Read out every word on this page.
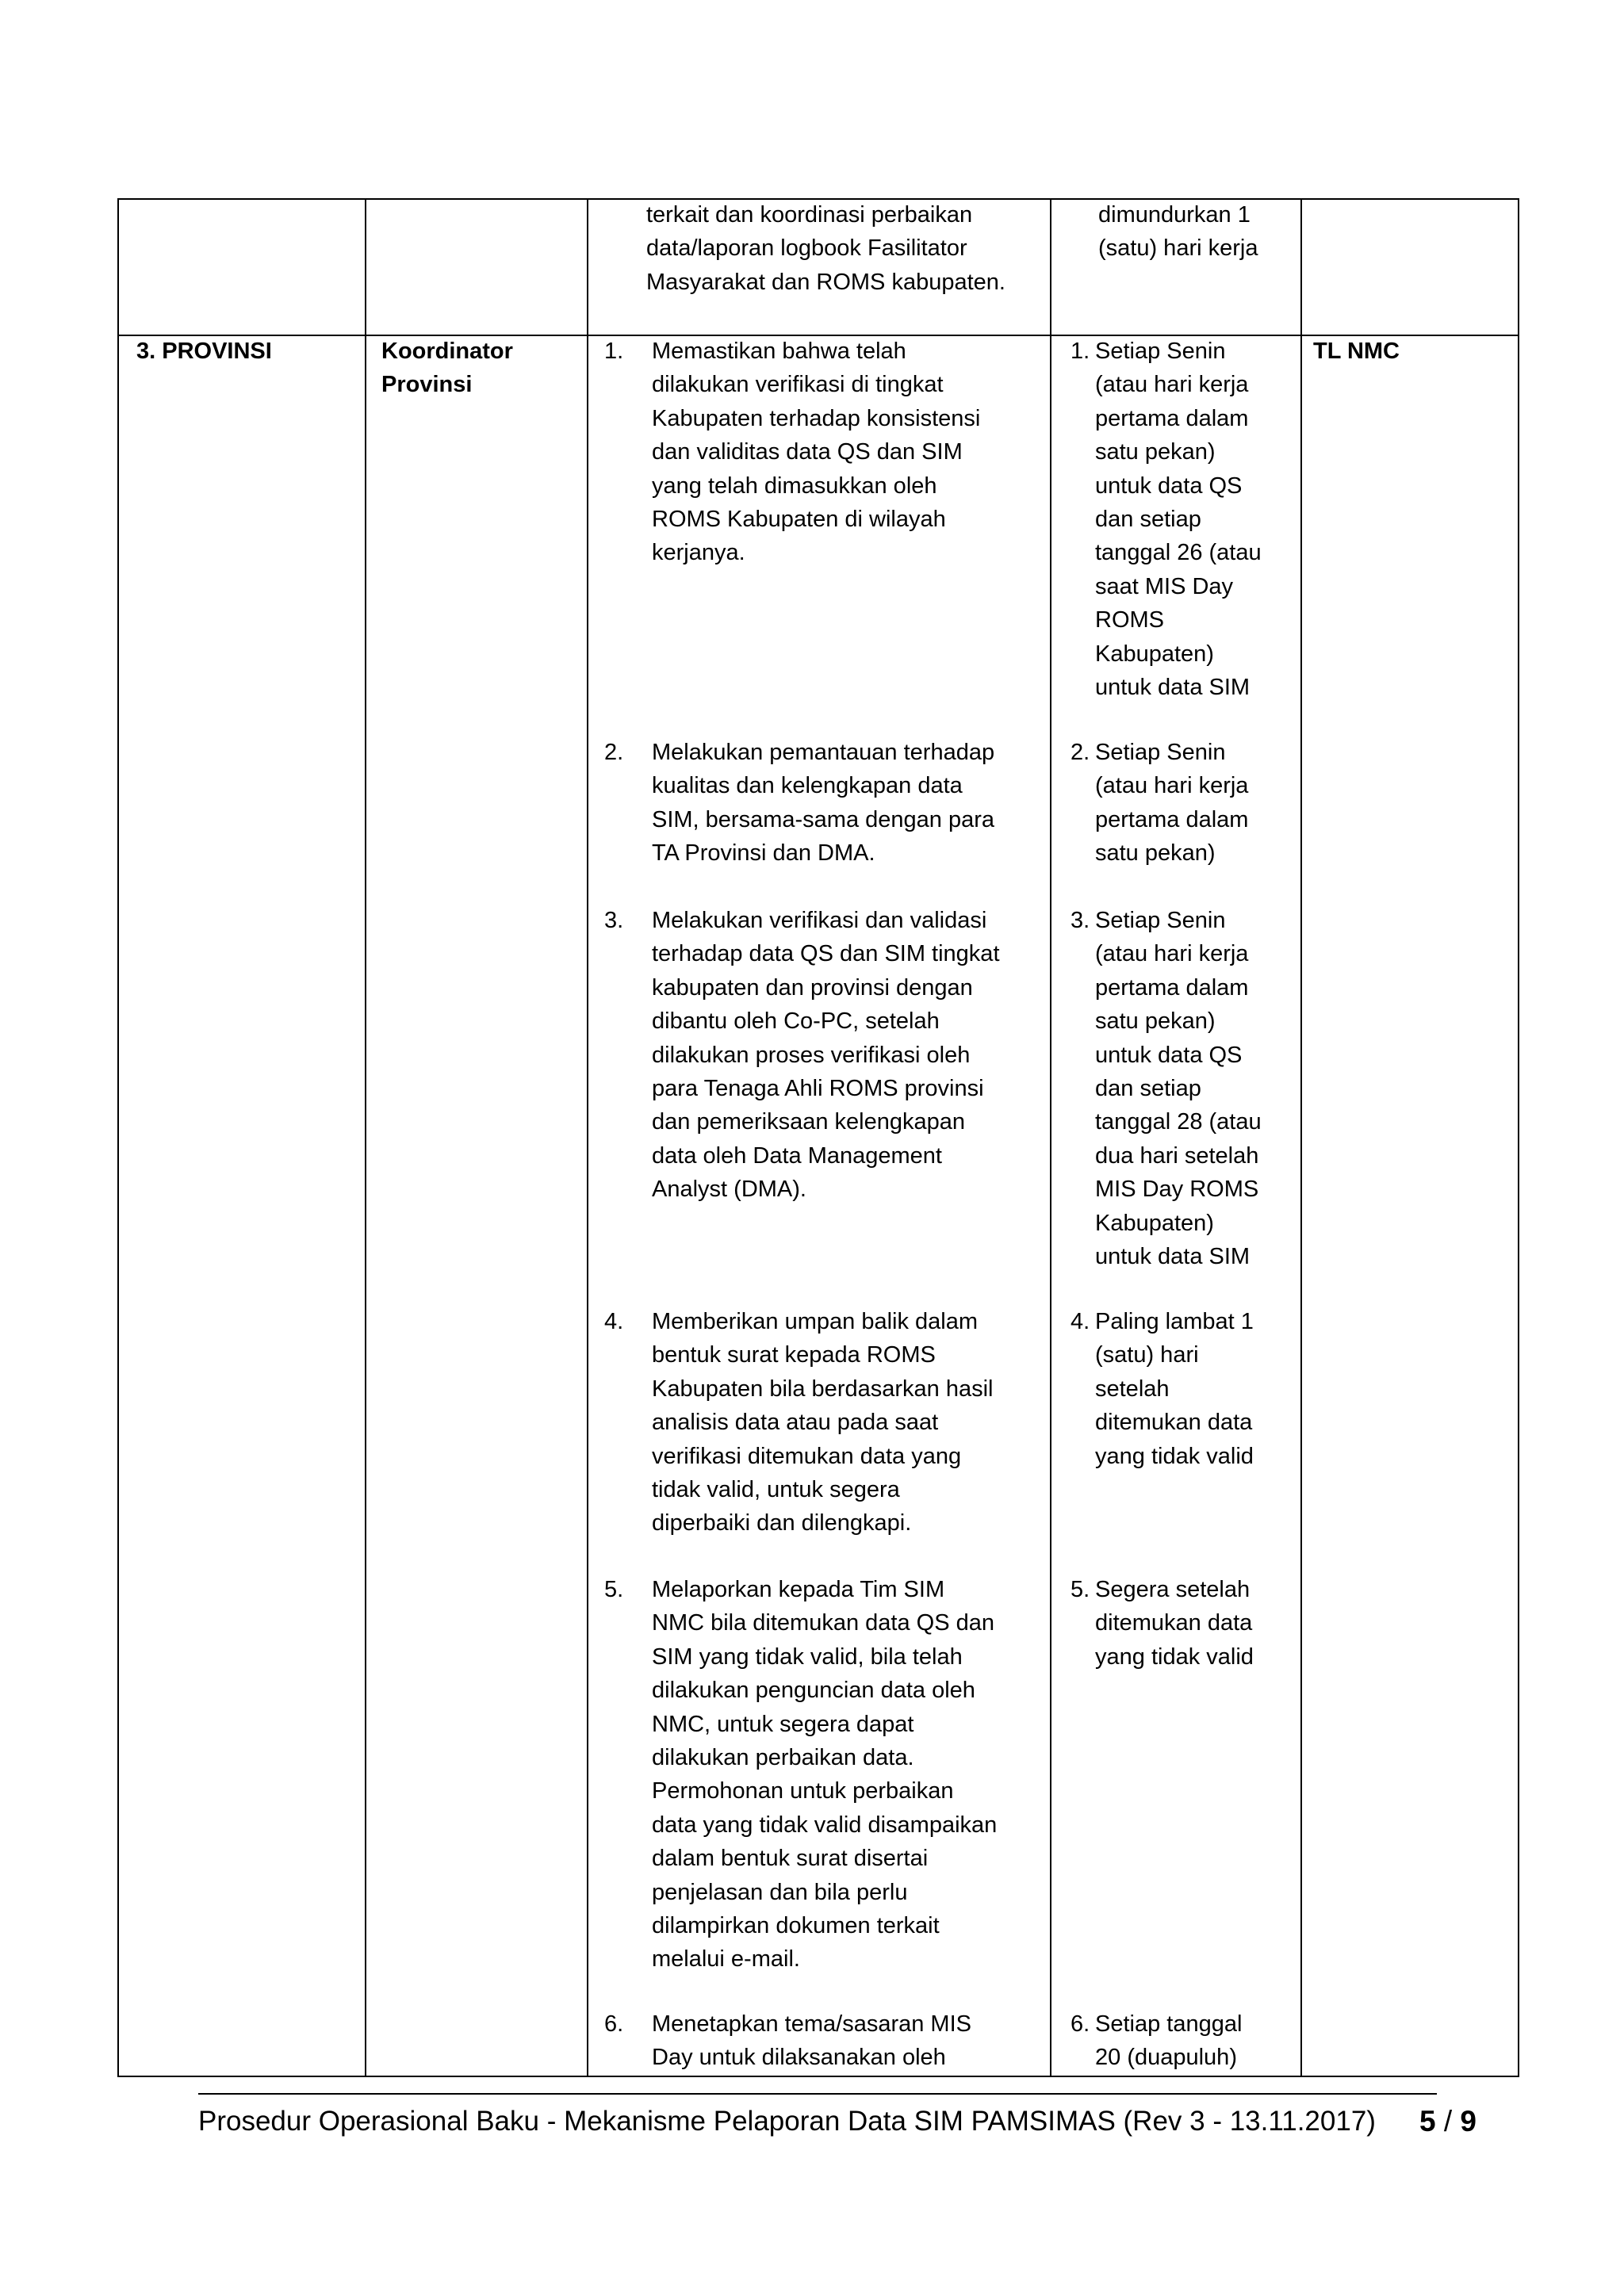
terkait dan koordinasi perbaikan
data/laporan logbook Fasilitator
Masyarakat dan ROMS kabupaten.
dimundurkan 1
(satu) hari kerja
3. PROVINSI	Koordinator
Provinsi
TL NMC
1. Memastikan bahwa telah
dilakukan verifikasi di tingkat
Kabupaten terhadap konsistensi
dan validitas data QS dan SIM
yang telah dimasukkan oleh
ROMS Kabupaten di wilayah
kerjanya.
1. Setiap Senin
(atau hari kerja
pertama dalam
satu pekan)
untuk data QS
dan setiap
tanggal 26 (atau
saat MIS Day
ROMS
Kabupaten)
untuk data SIM
2. Melakukan pemantauan terhadap
kualitas dan kelengkapan data
SIM, bersama-sama dengan para
TA Provinsi dan DMA.
2. Setiap Senin
(atau hari kerja
pertama dalam
satu pekan)
3. Melakukan verifikasi dan validasi
terhadap data QS dan SIM tingkat
kabupaten dan provinsi dengan
dibantu oleh Co-PC, setelah
dilakukan proses verifikasi oleh
para Tenaga Ahli ROMS provinsi
dan pemeriksaan kelengkapan
data oleh Data Management
Analyst (DMA).
3. Setiap Senin
(atau hari kerja
pertama dalam
satu pekan)
untuk data QS
dan setiap
tanggal 28 (atau
dua hari setelah
MIS Day ROMS
Kabupaten)
untuk data SIM
4. Memberikan umpan balik dalam
bentuk surat kepada ROMS
Kabupaten bila berdasarkan hasil
analisis data atau pada saat
verifikasi ditemukan data yang
tidak valid, untuk segera
diperbaiki dan dilengkapi.
4. Paling lambat 1
(satu) hari
setelah
ditemukan data
yang tidak valid
5. Melaporkan kepada Tim SIM
NMC bila ditemukan data QS dan
SIM yang tidak valid, bila telah
dilakukan penguncian data oleh
NMC, untuk segera dapat
dilakukan perbaikan data.
Permohonan untuk perbaikan
data yang tidak valid disampaikan
dalam bentuk surat disertai
penjelasan dan bila perlu
dilampirkan dokumen terkait
melalui e-mail.
5. Segera setelah
ditemukan data
yang tidak valid
6. Menetapkan tema/sasaran MIS
Day untuk dilaksanakan oleh
6. Setiap tanggal
20 (duapuluh)
Prosedur Operasional Baku - Mekanisme Pelaporan Data SIM PAMSIMAS (Rev 3 - 13.11.2017) 5 / 9
